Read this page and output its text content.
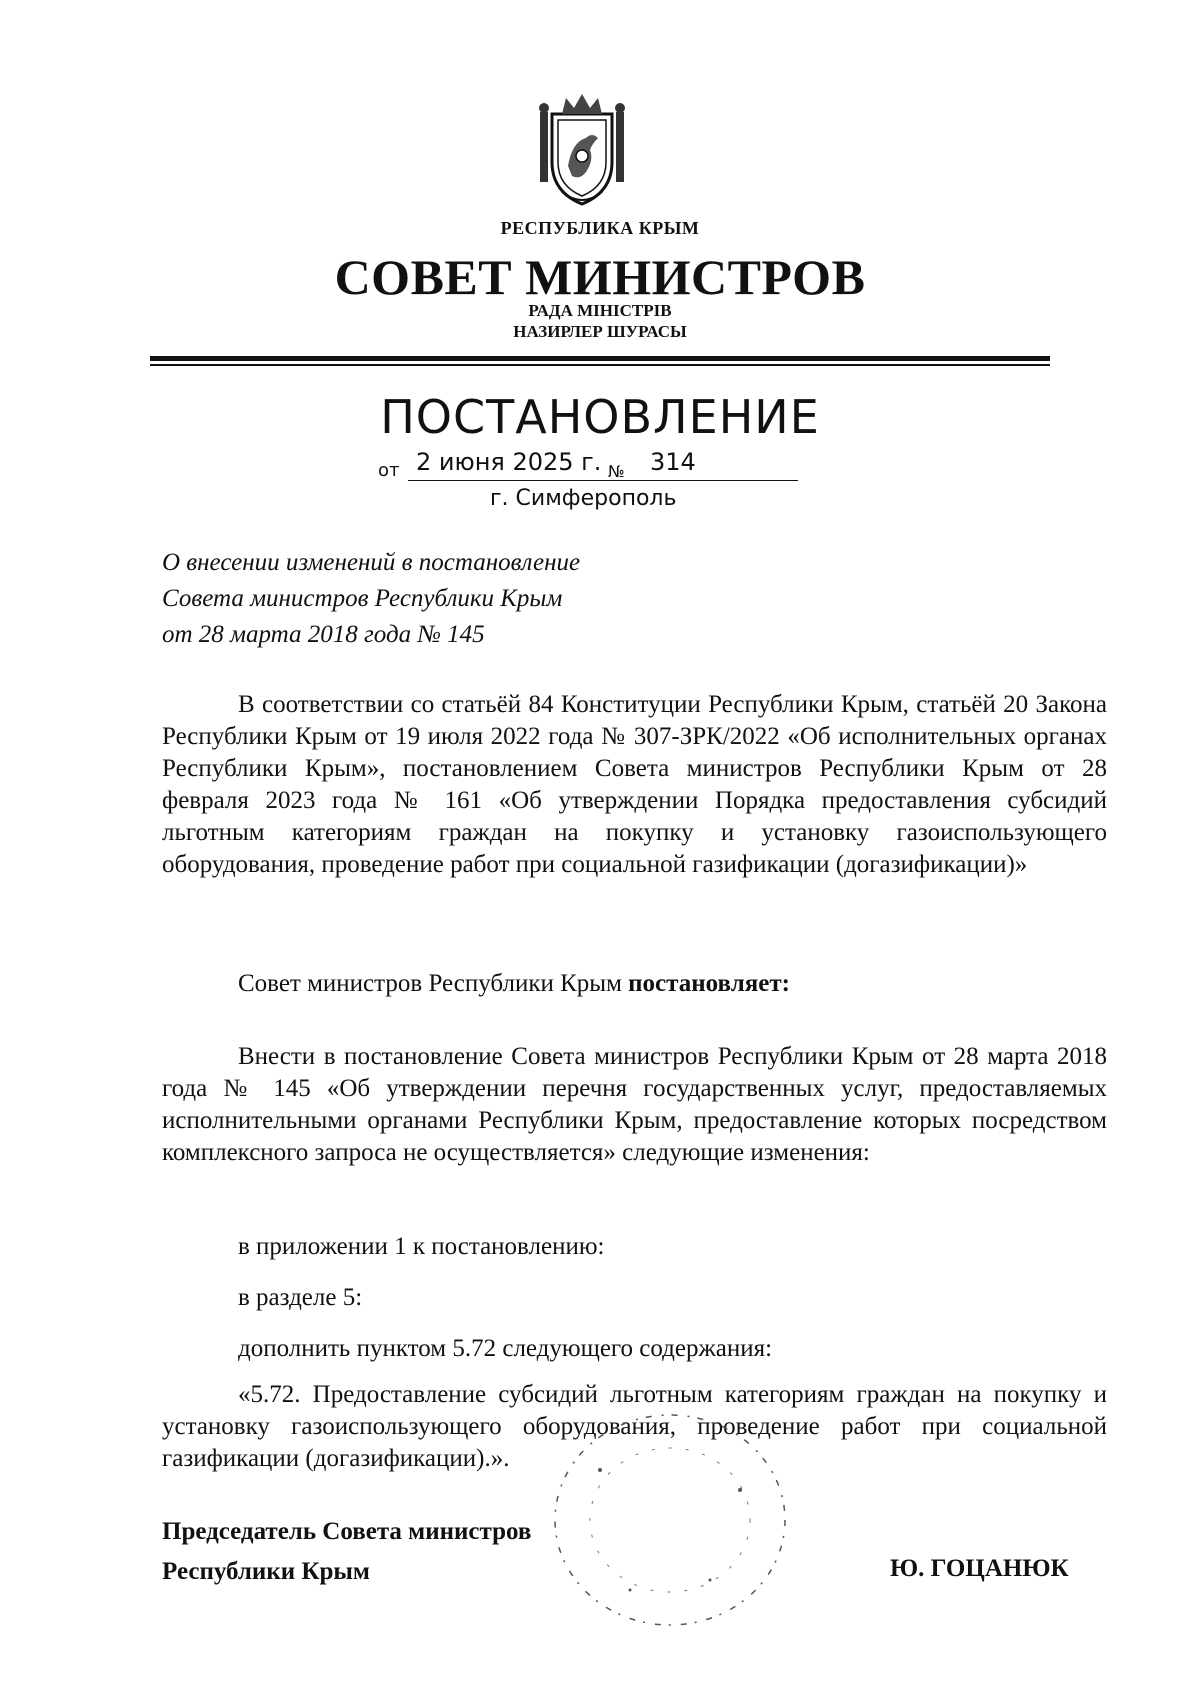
РЕСПУБЛИКА КРЫМ
СОВЕТ МИНИСТРОВ
РАДА МІНІСТРІВ
НАЗИРЛЕР ШУРАСЫ
ПОСТАНОВЛЕНИЕ
от 2 июня 2025 г. № 314
г. Симферополь
О внесении изменений в постановление
Совета министров Республики Крым
от 28 марта 2018 года № 145
В соответствии со статьёй 84 Конституции Республики Крым, статьёй 20 Закона Республики Крым от 19 июля 2022 года № 307-ЗРК/2022 «Об исполнительных органах Республики Крым», постановлением Совета министров Республики Крым от 28 февраля 2023 года № 161 «Об утверждении Порядка предоставления субсидий льготным категориям граждан на покупку и установку газоиспользующего оборудования, проведение работ при социальной газификации (догазификации)»
Совет министров Республики Крым постановляет:
Внести в постановление Совета министров Республики Крым от 28 марта 2018 года № 145 «Об утверждении перечня государственных услуг, предоставляемых исполнительными органами Республики Крым, предоставление которых посредством комплексного запроса не осуществляется» следующие изменения:
в приложении 1 к постановлению:
в разделе 5:
дополнить пунктом 5.72 следующего содержания:
«5.72. Предоставление субсидий льготным категориям граждан на покупку и установку газоиспользующего оборудования, проведение работ при социальной газификации (догазификации).».
Председатель Совета министров
Республики Крым	Ю. ГОЦАНЮК
